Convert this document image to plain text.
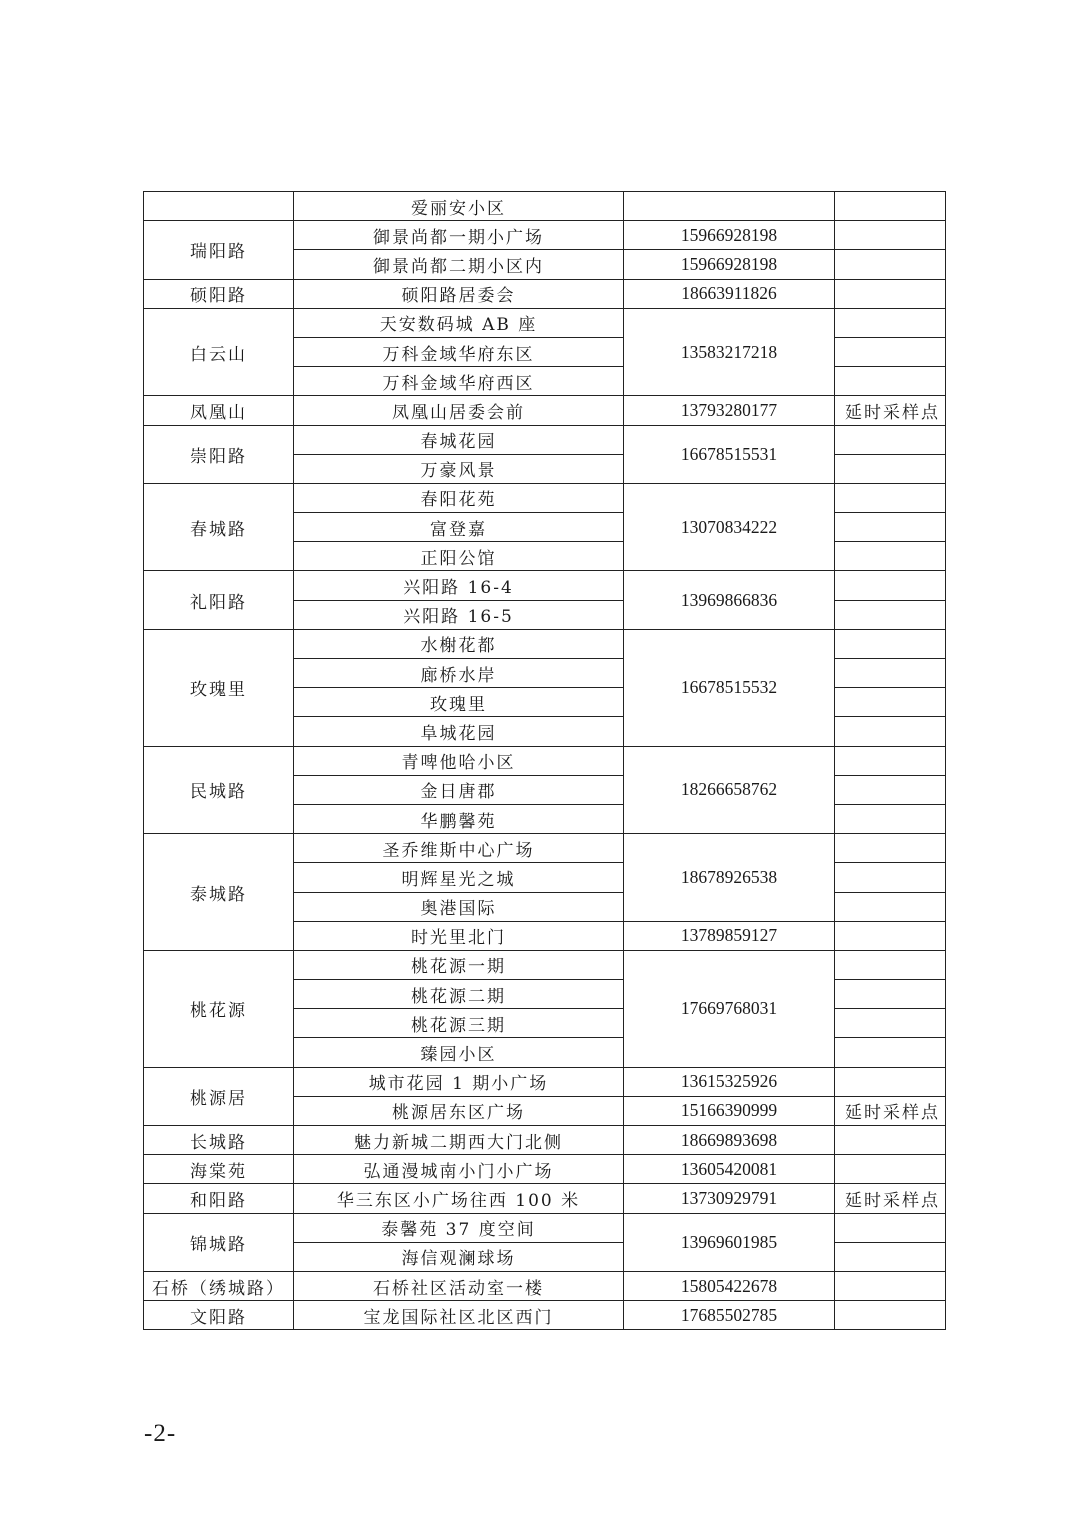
	爱丽安小区		
瑞阳路	御景尚都一期小广场	15966928198	
	御景尚都二期小区内	15966928198	
硕阳路	硕阳路居委会	18663911826	
白云山	天安数码城 AB 座	13583217218	
	万科金域华府东区		
	万科金域华府西区		
凤凰山	凤凰山居委会前	13793280177	延时采样点
崇阳路	春城花园	16678515531	
	万豪风景		
春城路	春阳花苑	13070834222	
	富登嘉		
	正阳公馆		
礼阳路	兴阳路 16-4	13969866836	
	兴阳路 16-5		
玫瑰里	水榭花都	16678515532	
	廊桥水岸		
	玫瑰里		
	阜城花园		
民城路	青啤他哈小区	18266658762	
	金日唐郡		
	华鹏馨苑		
泰城路	圣乔维斯中心广场	18678926538	
	明辉星光之城		
	奥港国际		
	时光里北门	13789859127	
桃花源	桃花源一期	17669768031	
	桃花源二期		
	桃花源三期		
	臻园小区		
桃源居	城市花园 1 期小广场	13615325926	
	桃源居东区广场	15166390999	延时采样点
长城路	魅力新城二期西大门北侧	18669893698	
海棠苑	弘通漫城南小门小广场	13605420081	
和阳路	华三东区小广场往西 100 米	13730929791	延时采样点
锦城路	泰馨苑 37 度空间	13969601985	
	海信观澜球场		
石桥（绣城路）	石桥社区活动室一楼	15805422678	
文阳路	宝龙国际社区北区西门	17685502785	
-2-
